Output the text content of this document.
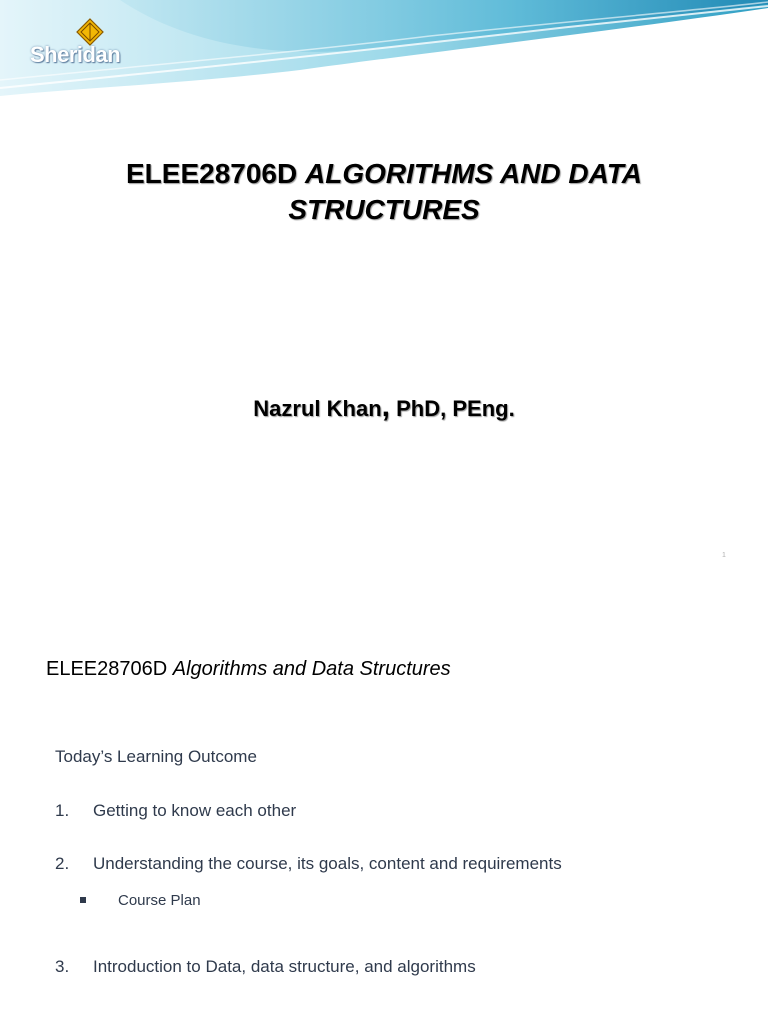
Sheridan
ELEE28706D ALGORITHMS AND DATA
STRUCTURES
Nazrul Khan, PhD, PEng.
1
ELEE28706D Algorithms and Data Structures
Today’s Learning Outcome
1. Getting to know each other
2. Understanding the course, its goals, content and requirements
Course Plan
3. Introduction to Data, data structure, and algorithms
